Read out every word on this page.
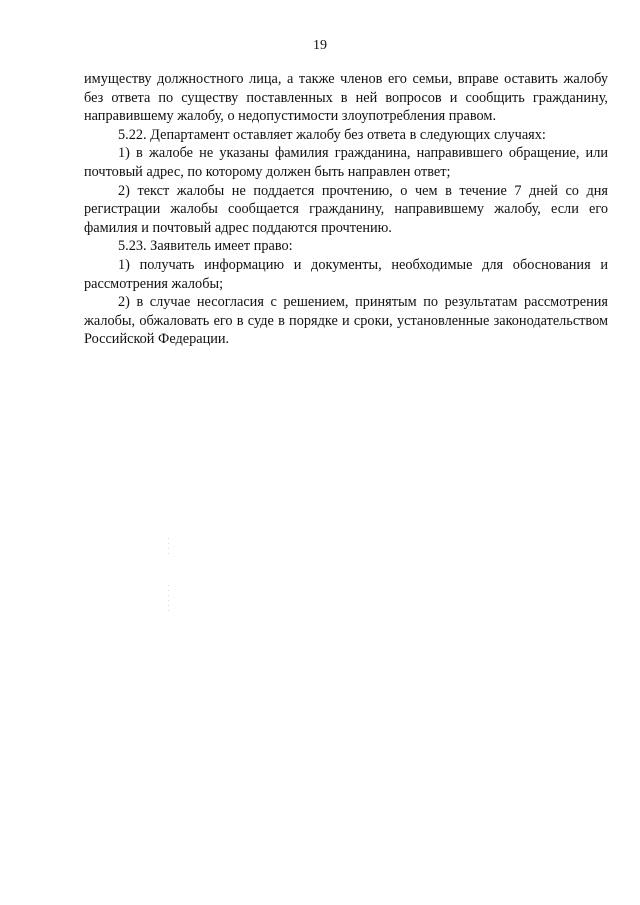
19

имуществу должностного лица, а также членов его семьи, вправе оставить жалобу без ответа по существу поставленных в ней вопросов и сообщить гражданину, направившему жалобу, о недопустимости злоупотребления правом.

5.22. Департамент оставляет жалобу без ответа в следующих случаях:

1) в жалобе не указаны фамилия гражданина, направившего обращение, или почтовый адрес, по которому должен быть направлен ответ;

2) текст жалобы не поддается прочтению, о чем в течение 7 дней со дня регистрации жалобы сообщается гражданину, направившему жалобу, если его фамилия и почтовый адрес поддаются прочтению.

5.23. Заявитель имеет право:

1) получать информацию и документы, необходимые для обоснования и рассмотрения жалобы;

2) в случае несогласия с решением, принятым по результатам рассмотрения жалобы, обжаловать его в суде в порядке и сроки, установленные законодательством Российской Федерации.
